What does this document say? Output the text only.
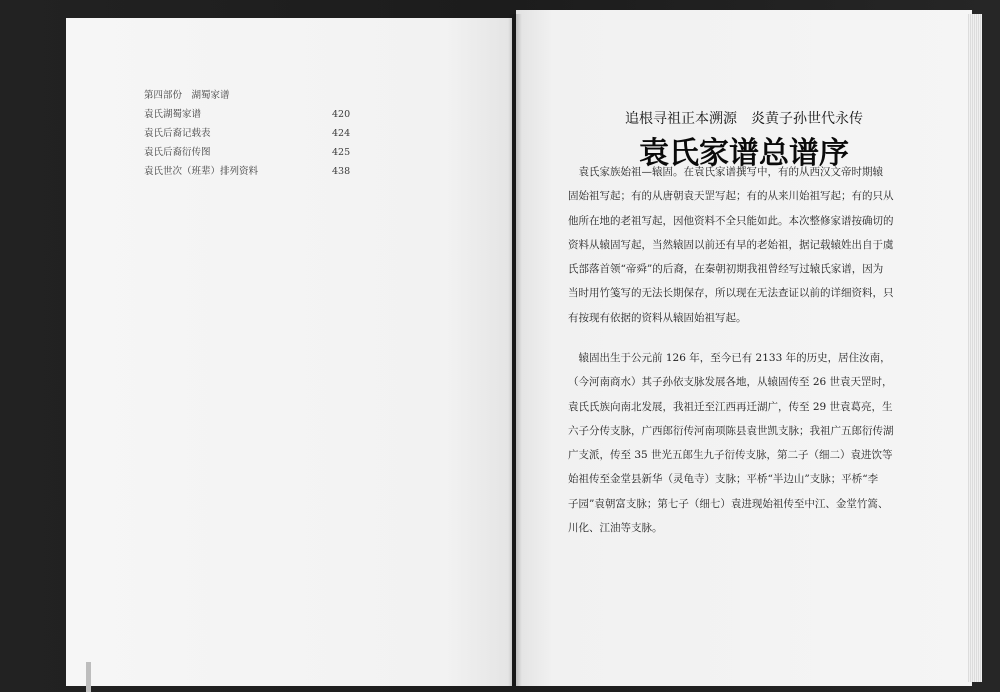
第四部份　湖蜀家谱
袁氏湖蜀家谱	420
袁氏后裔记载表	424
袁氏后裔衍传图	425
袁氏世次（班辈）排列资料	438
追根寻祖正本溯源　炎黄子孙世代永传
袁氏家谱总谱序
　袁氏家族始祖—辕固。在袁氏家谱撰写中，有的从西汉文帝时期辕
固始祖写起；有的从唐朝袁天罡写起；有的从来川始祖写起；有的只从
他所在地的老祖写起，因他资料不全只能如此。本次整修家谱按确切的
资料从辕固写起，当然辕固以前还有早的老始祖，据记载辕姓出自于虞
氏部落首领“帝舜”的后裔，在秦朝初期我祖曾经写过辕氏家谱，因为
当时用竹笺写的无法长期保存，所以现在无法查证以前的详细资料，只
有按现有依据的资料从辕固始祖写起。
　辕固出生于公元前 126 年，至今已有 2133 年的历史，居住汝南，
（今河南商水）其子孙依支脉发展各地，从辕固传至 26 世袁天罡时，
袁氏氏族向南北发展，我祖迁至江西再迁湖广，传至 29 世袁葛亮，生
六子分传支脉，广西郎衍传河南项陈县袁世凯支脉；我祖广五郎衍传湖
广支派，传至 35 世光五郎生九子衍传支脉，第二子（细二）袁进饮等
始祖传至金堂县新华（灵龟寺）支脉；平桥“半边山”支脉；平桥“李
子园”袁朝富支脉；第七子（细七）袁进现始祖传至中江、金堂竹篙、
川化、江油等支脉。
